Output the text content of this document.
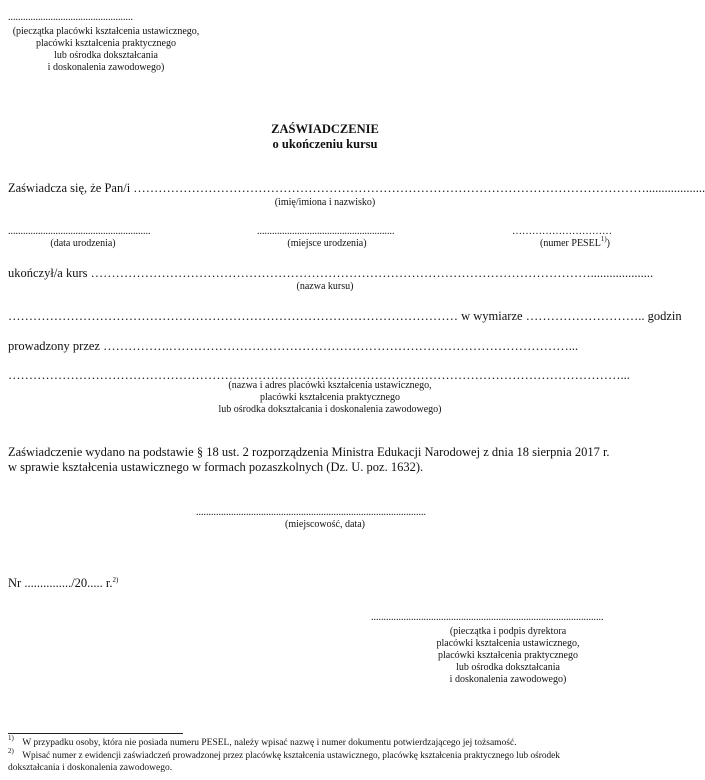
..................................................
(pieczątka placówki kształcenia ustawicznego,
placówki kształcenia praktycznego
lub ośrodka dokształcania
i doskonalenia zawodowego)
ZAŚWIADCZENIE
o ukończeniu kursu
Zaświadcza się, że Pan/i ……………………………………………………………………………………………………………...................
(imię/imiona i nazwisko)
.........................................................
(data urodzenia)
.......................................................
(miejsce urodzenia)
…………………………
(numer PESEL$^{1)}$)
ukończył/a kurs …………………………………………………………………………………………………………....................
(nazwa kursu)
……………………………………………………………………………………………… w wymiarze ……………………….. godzin
prowadzony przez …………….……………………………………………………………………………………...
…………………………………………………………………………………………………………………………………...
(nazwa i adres placówki kształcenia ustawicznego,
placówki kształcenia praktycznego
lub ośrodka dokształcania i doskonalenia zawodowego)
Zaświadczenie wydano na podstawie § 18 ust. 2 rozporządzenia Ministra Edukacji Narodowej z dnia 18 sierpnia 2017 r.
w sprawie kształcenia ustawicznego w formach pozaszkolnych (Dz. U. poz. 1632).
............................................................................................
(miejscowość, data)
Nr .............../20..... r.$^{2)}$
.............................................................................................
(pieczątka i podpis dyrektora
placówki kształcenia ustawicznego,
placówki kształcenia praktycznego
lub ośrodka dokształcania
i doskonalenia zawodowego)
$^{1)}$ W przypadku osoby, która nie posiada numeru PESEL, należy wpisać nazwę i numer dokumentu potwierdzającego jej tożsamość.
$^{2)}$ Wpisać numer z ewidencji zaświadczeń prowadzonej przez placówkę kształcenia ustawicznego, placówkę kształcenia praktycznego lub ośrodek
dokształcania i doskonalenia zawodowego.
